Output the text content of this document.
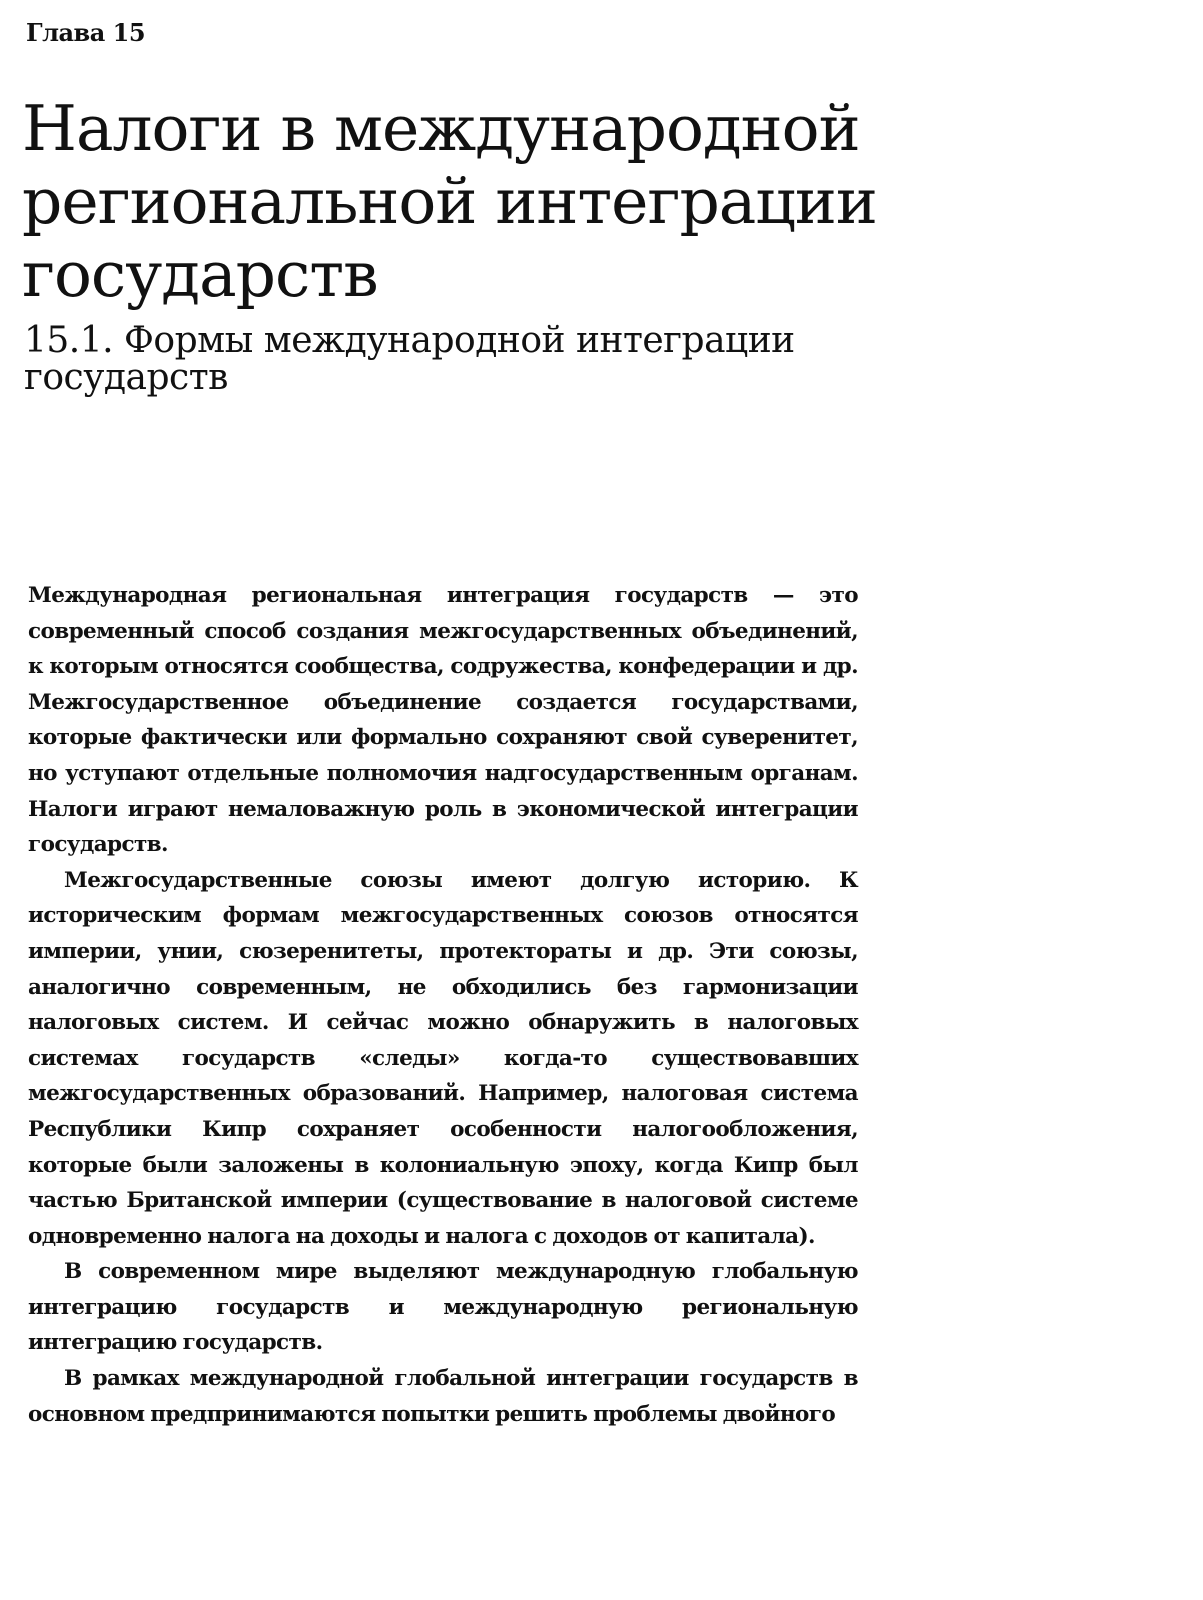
Глава 15
Налоги в международной региональной интеграции государств
15.1. Формы международной интеграции государств

Международная региональная интеграция государств — это современный способ создания межгосударственных объединений, к которым относятся сообщества, содружества, конфедерации и др. Межгосударственное объединение создается государствами, которые фактически или формально сохраняют свой суверенитет, но уступают отдельные полномочия надгосударственным органам. Налоги играют немаловажную роль в экономической интеграции государств.

Межгосударственные союзы имеют долгую историю. К историческим формам межгосударственных союзов относятся империи, унии, сюзеренитеты, протектораты и др. Эти союзы, аналогично современным, не обходились без гармонизации налоговых систем. И сейчас можно обнаружить в налоговых системах государств «следы» когда-то существовавших межгосударственных образований. Например, налоговая система Республики Кипр сохраняет особенности налогообложения, которые были заложены в колониальную эпоху, когда Кипр был частью Британской империи (существование в налоговой системе одновременно налога на доходы и налога с доходов от капитала).

В современном мире выделяют международную глобальную интеграцию государств и международную региональную интеграцию государств.

В рамках международной глобальной интеграции государств в основном предпринимаются попытки решить проблемы двойного
